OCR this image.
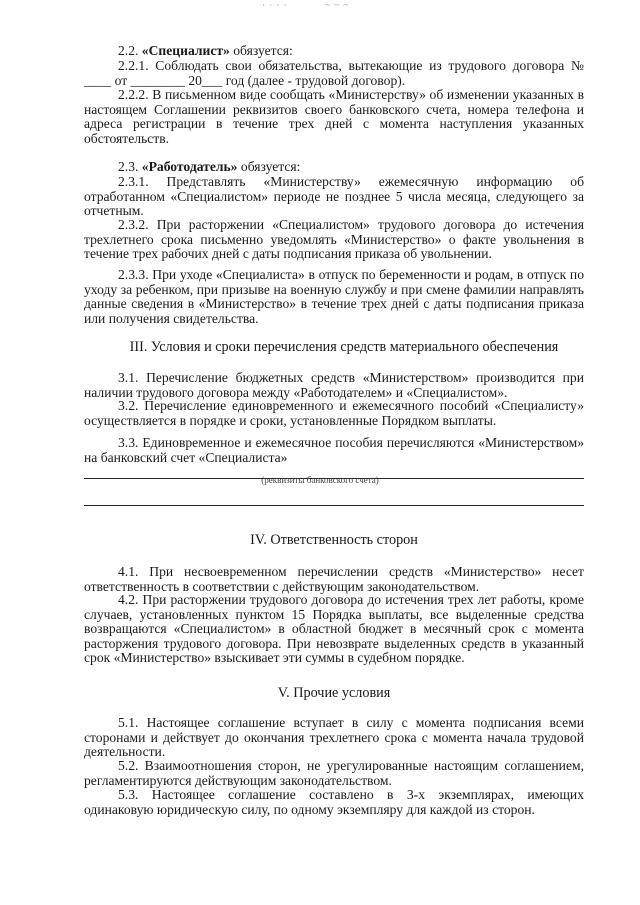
· · · ·	~ ~ ~
2.2. «Специалист» обязуется:
2.2.1. Соблюдать свои обязательства, вытекающие из трудового договора № ____ от ________ 20___ год (далее - трудовой договор).
2.2.2. В письменном виде сообщать «Министерству» об изменении указанных в настоящем Соглашении реквизитов своего банковского счета, номера телефона и адреса регистрации в течение трех дней с момента наступления указанных обстоятельств.
2.3. «Работодатель» обязуется:
2.3.1. Представлять «Министерству» ежемесячную информацию об отработанном «Специалистом» периоде не позднее 5 числа месяца, следующего за отчетным.
2.3.2. При расторжении «Специалистом» трудового договора до истечения трехлетнего срока письменно уведомлять «Министерство» о факте увольнения в течение трех рабочих дней с даты подписания приказа об увольнении.
2.3.3. При уходе «Специалиста» в отпуск по беременности и родам, в отпуск по уходу за ребенком, при призыве на военную службу и при смене фамилии направлять данные сведения в «Министерство» в течение трех дней с даты подписания приказа или получения свидетельства.
III. Условия и сроки перечисления средств материального обеспечения
3.1. Перечисление бюджетных средств «Министерством» производится при наличии трудового договора между «Работодателем» и «Специалистом».
3.2. Перечисление единовременного и ежемесячного пособий «Специалисту» осуществляется в порядке и сроки, установленные Порядком выплаты.
3.3. Единовременное и ежемесячное пособия перечисляются «Министерством» на банковский счет «Специалиста»
(реквизиты банковского счета)
IV. Ответственность сторон
4.1. При несвоевременном перечислении средств «Министерство» несет ответственность в соответствии с действующим законодательством.
4.2. При расторжении трудового договора до истечения трех лет работы, кроме случаев, установленных пунктом 15 Порядка выплаты, все выделенные средства возвращаются «Специалистом» в областной бюджет в месячный срок с момента расторжения трудового договора. При невозврате выделенных средств в указанный срок «Министерство» взыскивает эти суммы в судебном порядке.
V. Прочие условия
5.1. Настоящее соглашение вступает в силу с момента подписания всеми сторонами и действует до окончания трехлетнего срока с момента начала трудовой деятельности.
5.2. Взаимоотношения сторон, не урегулированные настоящим соглашением, регламентируются действующим законодательством.
5.3. Настоящее соглашение составлено в 3-х экземплярах, имеющих одинаковую юридическую силу, по одному экземпляру для каждой из сторон.
